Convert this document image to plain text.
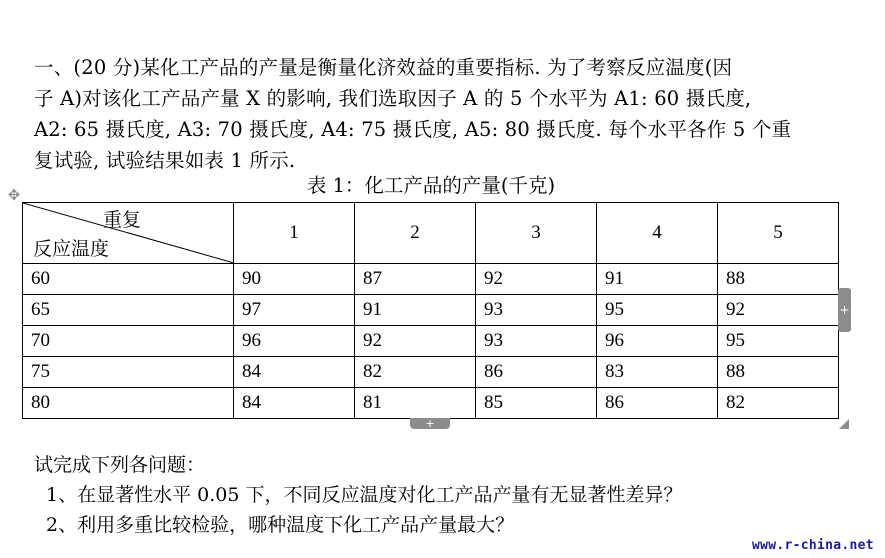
一、(20 分)某化工产品的产量是衡量化济效益的重要指标. 为了考察反应温度(因
子 A)对该化工产品产量 X 的影响, 我们选取因子 A 的 5 个水平为 A1: 60 摄氏度,
A2: 65 摄氏度, A3: 70 摄氏度, A4: 75 摄氏度, A5: 80 摄氏度. 每个水平各作 5 个重
复试验, 试验结果如表 1 所示.
表 1：化工产品的产量(千克)
✥
重复
反应温度	1	2	3	4	5
60	90	87	92	91	88
65	97	91	93	95	92
70	96	92	93	96	95
75	84	82	86	83	88
80	84	81	85	86	82
+
+
试完成下列各问题：
1、在显著性水平 0.05 下，不同反应温度对化工产品产量有无显著性差异？
2、利用多重比较检验，哪种温度下化工产品产量最大？
www.r-china.net
